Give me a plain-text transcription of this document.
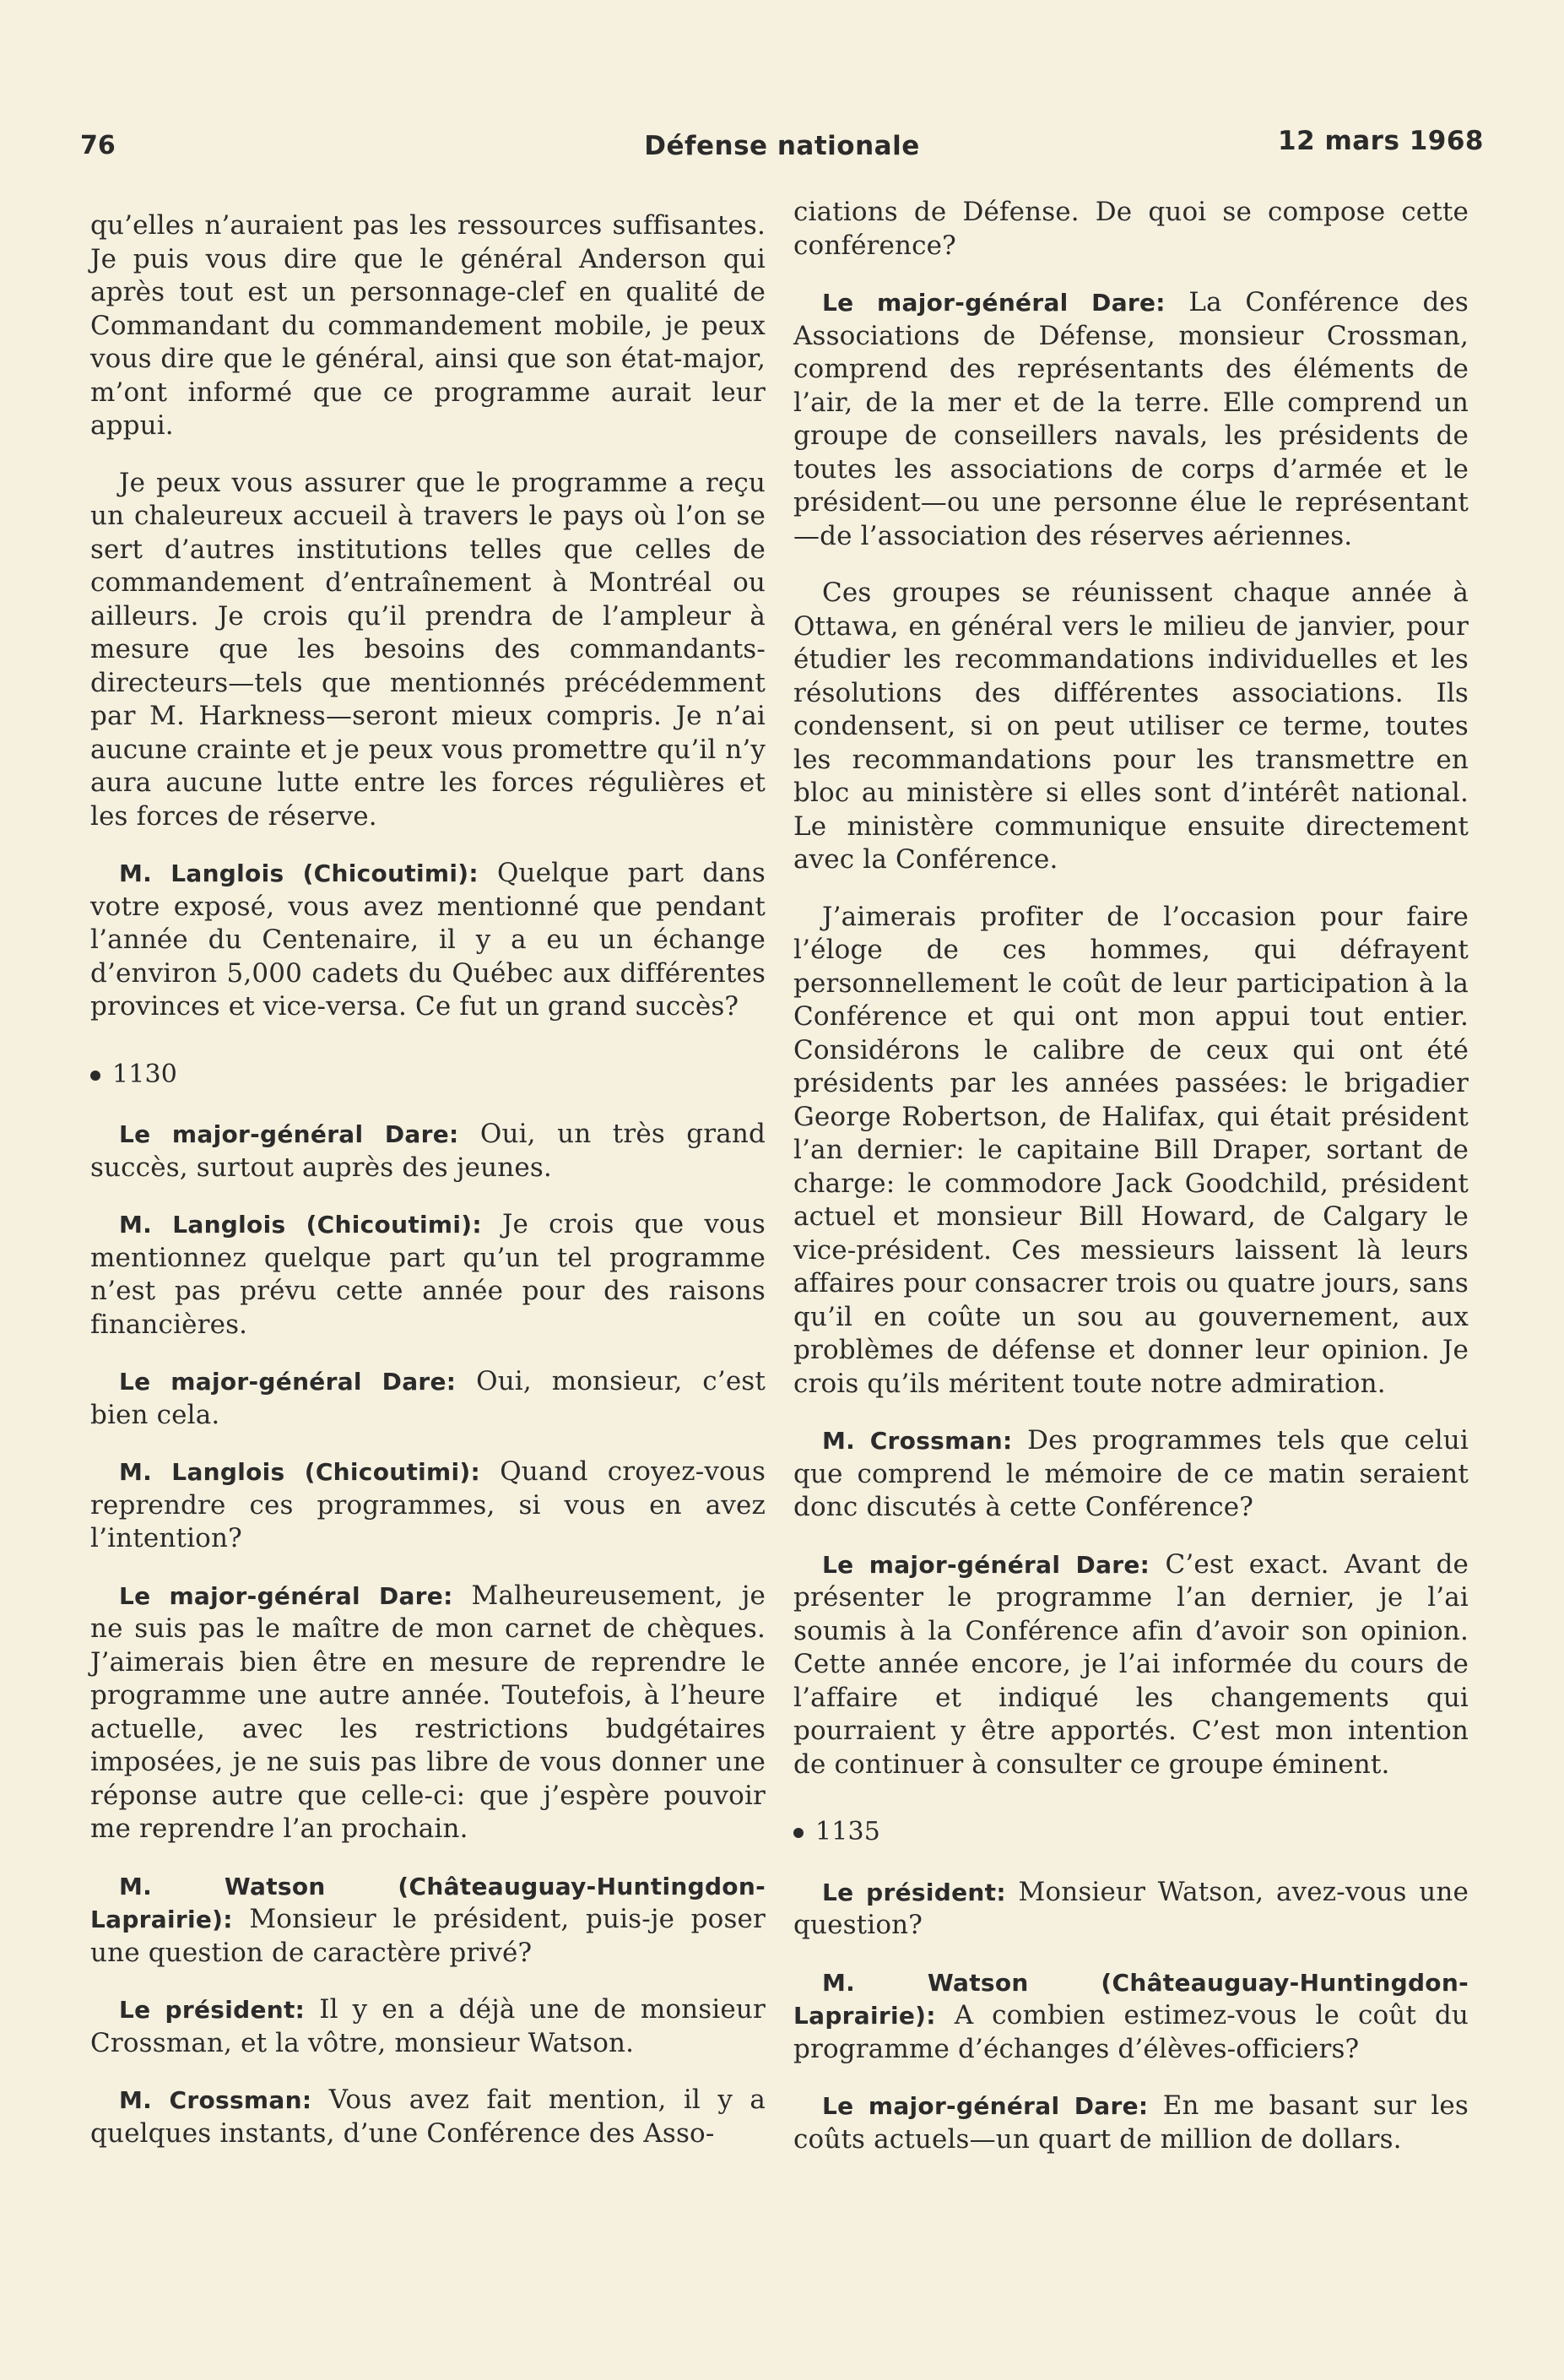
76	Défense nationale	12 mars 1968

qu’elles n’auraient pas les ressources suffisantes. Je puis vous dire que le général Anderson qui après tout est un personnage-clef en qualité de Commandant du commandement mobile, je peux vous dire que le général, ainsi que son état-major, m’ont informé que ce programme aurait leur appui.

Je peux vous assurer que le programme a reçu un chaleureux accueil à travers le pays où l’on se sert d’autres institutions telles que celles de commandement d’entraînement à Montréal ou ailleurs. Je crois qu’il prendra de l’ampleur à mesure que les besoins des commandants-directeurs—tels que mentionnés précédemment par M. Harkness—seront mieux compris. Je n’ai aucune crainte et je peux vous promettre qu’il n’y aura aucune lutte entre les forces régulières et les forces de réserve.

M. Langlois (Chicoutimi): Quelque part dans votre exposé, vous avez mentionné que pendant l’année du Centenaire, il y a eu un échange d’environ 5,000 cadets du Québec aux différentes provinces et vice-versa. Ce fut un grand succès?

1130

Le major-général Dare: Oui, un très grand succès, surtout auprès des jeunes.

M. Langlois (Chicoutimi): Je crois que vous mentionnez quelque part qu’un tel programme n’est pas prévu cette année pour des raisons financières.

Le major-général Dare: Oui, monsieur, c’est bien cela.

M. Langlois (Chicoutimi): Quand croyez-vous reprendre ces programmes, si vous en avez l’intention?

Le major-général Dare: Malheureusement, je ne suis pas le maître de mon carnet de chèques. J’aimerais bien être en mesure de reprendre le programme une autre année. Toutefois, à l’heure actuelle, avec les restrictions budgétaires imposées, je ne suis pas libre de vous donner une réponse autre que celle-ci: que j’espère pouvoir me reprendre l’an prochain.

M. Watson (Châteauguay-Huntingdon-Laprairie): Monsieur le président, puis-je poser une question de caractère privé?

Le président: Il y en a déjà une de monsieur Crossman, et la vôtre, monsieur Watson.

M. Crossman: Vous avez fait mention, il y a quelques instants, d’une Conférence des Asso-

ciations de Défense. De quoi se compose cette conférence?

Le major-général Dare: La Conférence des Associations de Défense, monsieur Crossman, comprend des représentants des éléments de l’air, de la mer et de la terre. Elle comprend un groupe de conseillers navals, les présidents de toutes les associations de corps d’armée et le président—ou une personne élue le représentant—de l’association des réserves aériennes.

Ces groupes se réunissent chaque année à Ottawa, en général vers le milieu de janvier, pour étudier les recommandations individuelles et les résolutions des différentes associations. Ils condensent, si on peut utiliser ce terme, toutes les recommandations pour les transmettre en bloc au ministère si elles sont d’intérêt national. Le ministère communique ensuite directement avec la Conférence.

J’aimerais profiter de l’occasion pour faire l’éloge de ces hommes, qui défrayent personnellement le coût de leur participation à la Conférence et qui ont mon appui tout entier. Considérons le calibre de ceux qui ont été présidents par les années passées: le brigadier George Robertson, de Halifax, qui était président l’an dernier: le capitaine Bill Draper, sortant de charge: le commodore Jack Goodchild, président actuel et monsieur Bill Howard, de Calgary le vice-président. Ces messieurs laissent là leurs affaires pour consacrer trois ou quatre jours, sans qu’il en coûte un sou au gouvernement, aux problèmes de défense et donner leur opinion. Je crois qu’ils méritent toute notre admiration.

M. Crossman: Des programmes tels que celui que comprend le mémoire de ce matin seraient donc discutés à cette Conférence?

Le major-général Dare: C’est exact. Avant de présenter le programme l’an dernier, je l’ai soumis à la Conférence afin d’avoir son opinion. Cette année encore, je l’ai informée du cours de l’affaire et indiqué les changements qui pourraient y être apportés. C’est mon intention de continuer à consulter ce groupe éminent.

1135

Le président: Monsieur Watson, avez-vous une question?

M. Watson (Châteauguay-Huntingdon-Laprairie): A combien estimez-vous le coût du programme d’échanges d’élèves-officiers?

Le major-général Dare: En me basant sur les coûts actuels—un quart de million de dollars.
